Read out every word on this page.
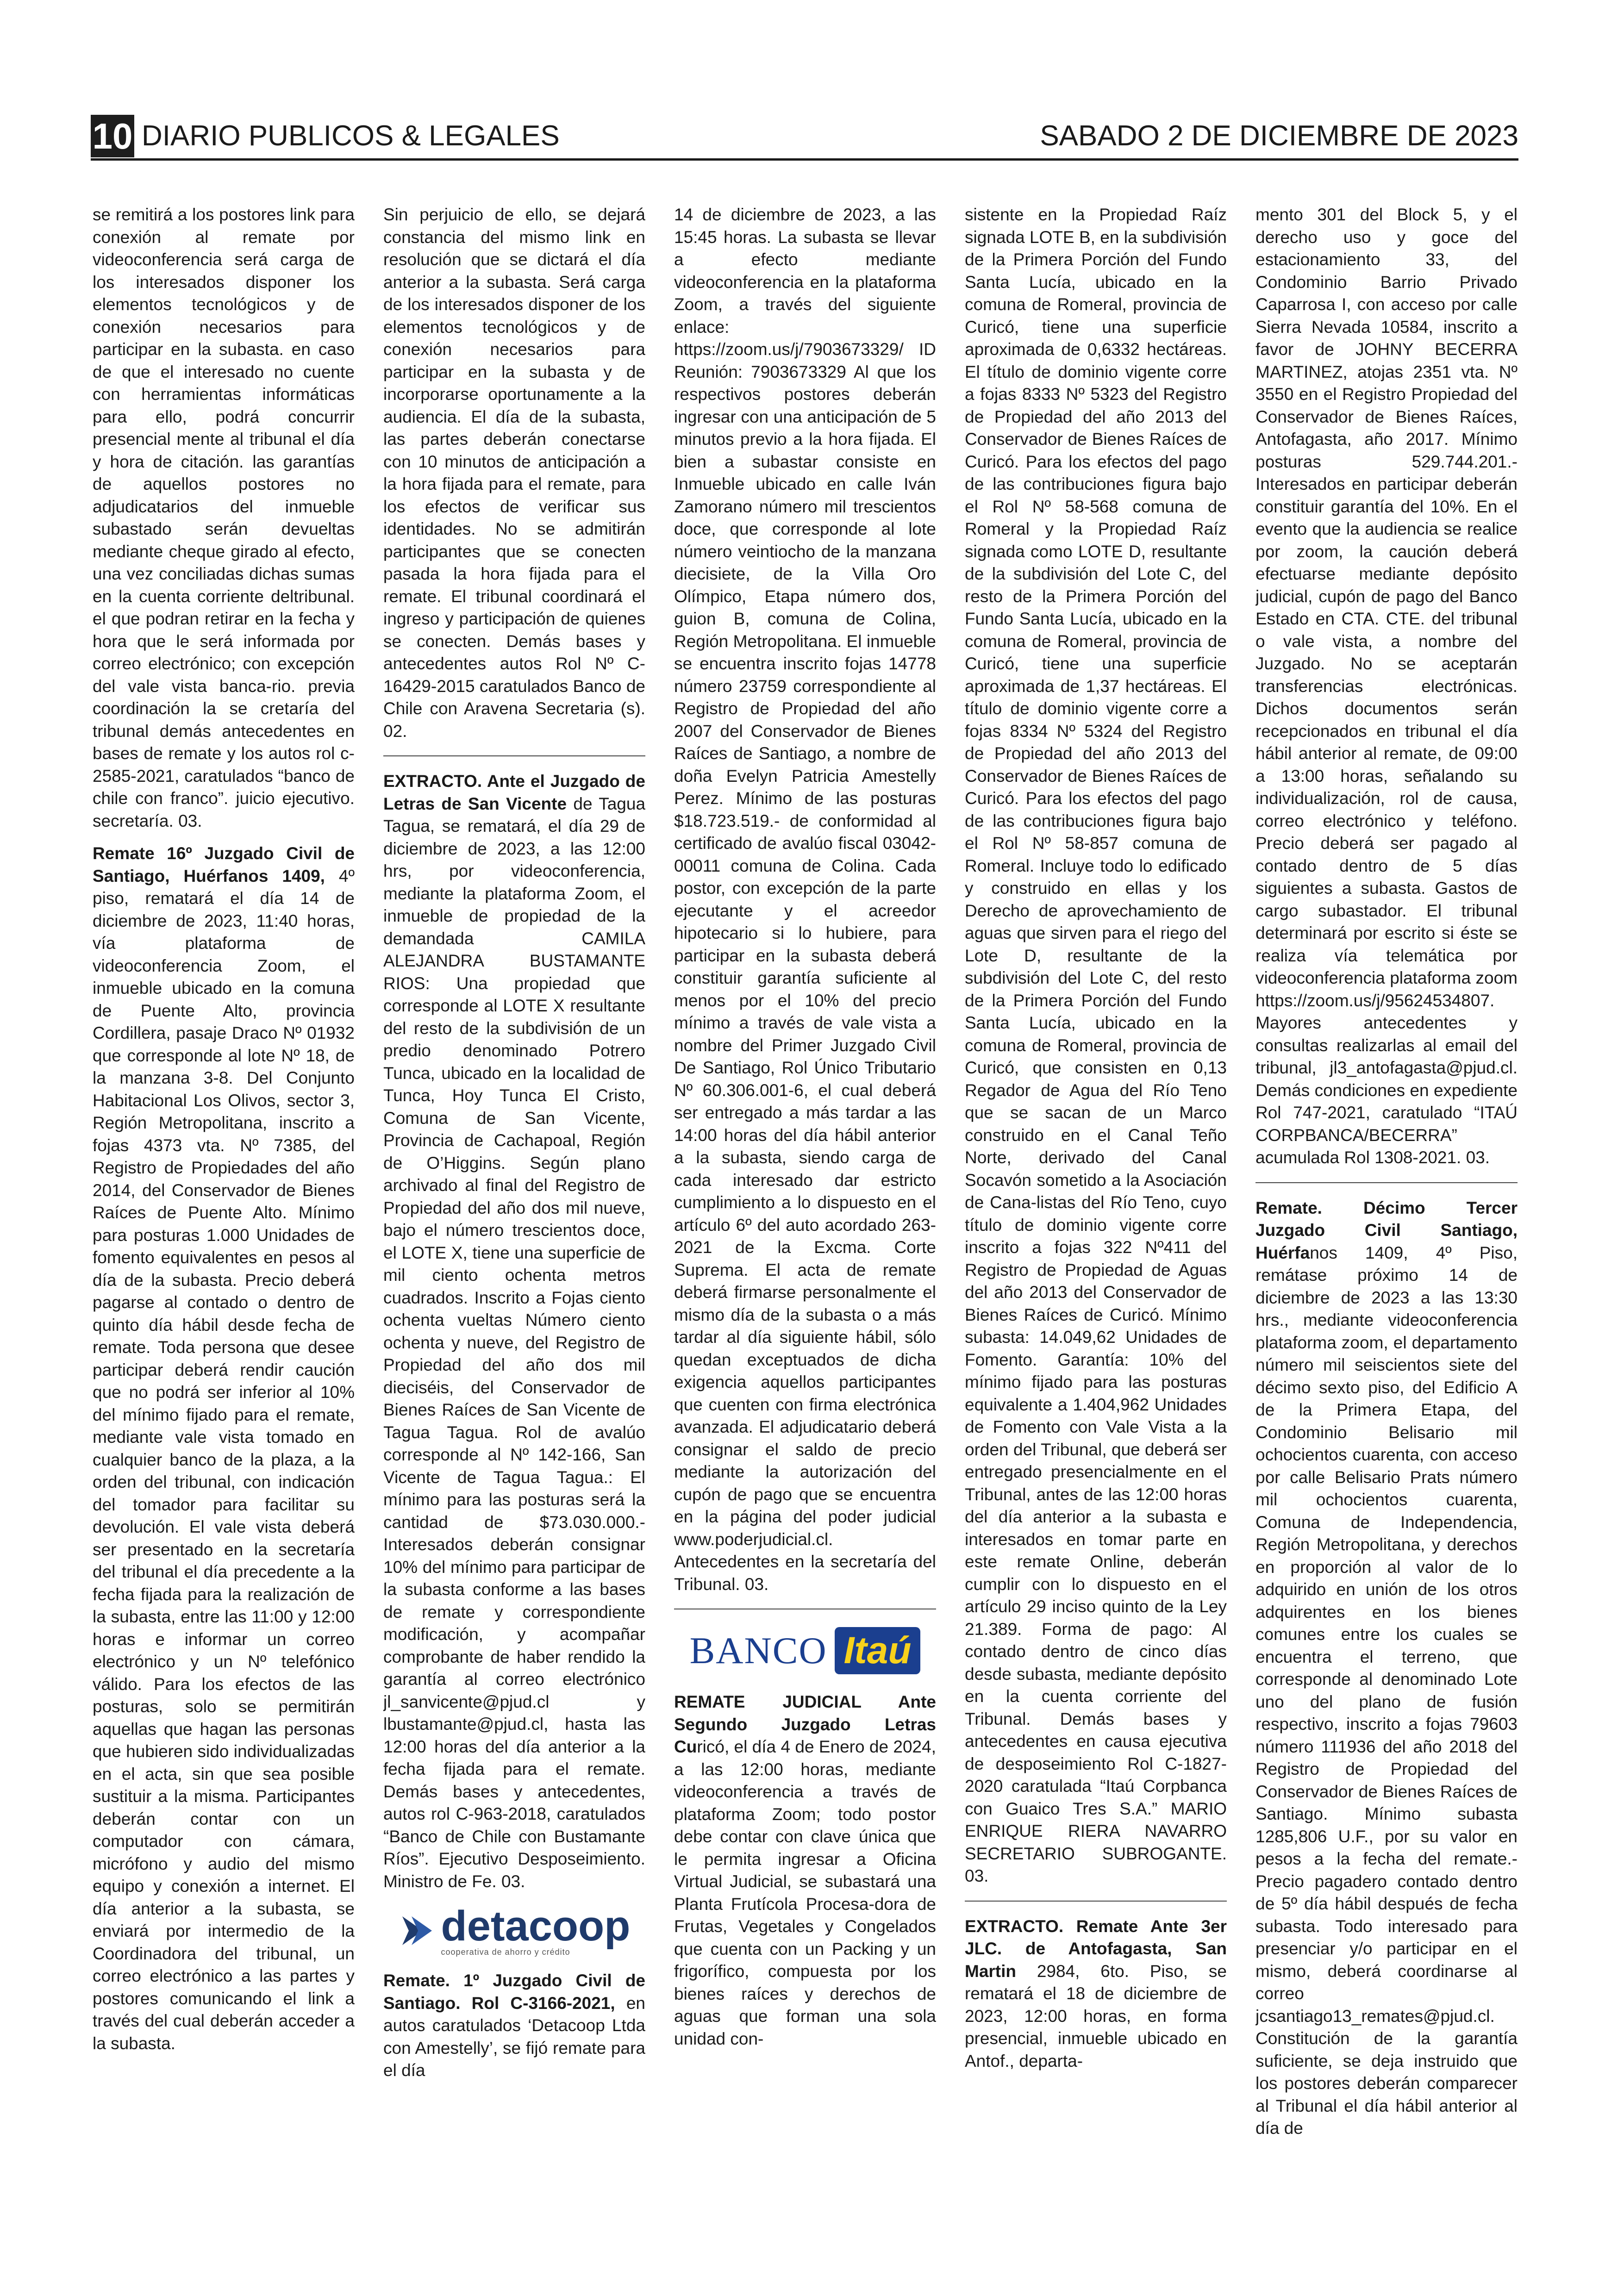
10 DIARIO PUBLICOS & LEGALES	SABADO 2 DE DICIEMBRE DE 2023

se remitirá a los postores link para conexión al remate por videoconferencia será carga de los interesados disponer los elementos tecnológicos y de conexión necesarios para participar en la subasta. en caso de que el interesado no cuente con herramientas informáticas para ello, podrá concurrir presencial mente al tribunal el día y hora de citación. las garantías de aquellos postores no adjudicatarios del inmueble subastado serán devueltas mediante cheque girado al efecto, una vez conciliadas dichas sumas en la cuenta corriente deltribunal. el que podran retirar en la fecha y hora que le será informada por correo electrónico; con excepción del vale vista banca-rio. previa coordinación la se cretaría del tribunal demás antecedentes en bases de remate y los autos rol c-2585-2021, caratulados “banco de chile con franco”. juicio ejecutivo. secretaría. 03.

Remate 16º Juzgado Civil de Santiago, Huérfanos 1409, 4º piso, rematará el día 14 de diciembre de 2023, 11:40 horas, vía plataforma de videoconferencia Zoom, el inmueble ubicado en la comuna de Puente Alto, provincia Cordillera, pasaje Draco Nº 01932 que corresponde al lote Nº 18, de la manzana 3-8. Del Conjunto Habitacional Los Olivos, sector 3, Región Metropolitana, inscrito a fojas 4373 vta. Nº 7385, del Registro de Propiedades del año 2014, del Conservador de Bienes Raíces de Puente Alto. Mínimo para posturas 1.000 Unidades de fomento equivalentes en pesos al día de la subasta. Precio deberá pagarse al contado o dentro de quinto día hábil desde fecha de remate. Toda persona que desee participar deberá rendir caución que no podrá ser inferior al 10% del mínimo fijado para el remate, mediante vale vista tomado en cualquier banco de la plaza, a la orden del tribunal, con indicación del tomador para facilitar su devolución. El vale vista deberá ser presentado en la secretaría del tribunal el día precedente a la fecha fijada para la realización de la subasta, entre las 11:00 y 12:00 horas e informar un correo electrónico y un Nº telefónico válido. Para los efectos de las posturas, solo se permitirán aquellas que hagan las personas que hubieren sido individualizadas en el acta, sin que sea posible sustituir a la misma. Participantes deberán contar con un computador con cámara, micrófono y audio del mismo equipo y conexión a internet. El día anterior a la subasta, se enviará por intermedio de la Coordinadora del tribunal, un correo electrónico a las partes y postores comunicando el link a través del cual deberán acceder a la subasta.

Sin perjuicio de ello, se dejará constancia del mismo link en resolución que se dictará el día anterior a la subasta. Será carga de los interesados disponer de los elementos tecnológicos y de conexión necesarios para participar en la subasta y de incorporarse oportunamente a la audiencia. El día de la subasta, las partes deberán conectarse con 10 minutos de anticipación a la hora fijada para el remate, para los efectos de verificar sus identidades. No se admitirán participantes que se conecten pasada la hora fijada para el remate. El tribunal coordinará el ingreso y participación de quienes se conecten. Demás bases y antecedentes autos Rol Nº C-16429-2015 caratulados Banco de Chile con Aravena Secretaria (s). 02.

EXTRACTO. Ante el Juzgado de Letras de San Vicente de Tagua Tagua, se rematará, el día 29 de diciembre de 2023, a las 12:00 hrs, por videoconferencia, mediante la plataforma Zoom, el inmueble de propiedad de la demandada CAMILA ALEJANDRA BUSTAMANTE RIOS: Una propiedad que corresponde al LOTE X resultante del resto de la subdivisión de un predio denominado Potrero Tunca, ubicado en la localidad de Tunca, Hoy Tunca El Cristo, Comuna de San Vicente, Provincia de Cachapoal, Región de O’Higgins. Según plano archivado al final del Registro de Propiedad del año dos mil nueve, bajo el número trescientos doce, el LOTE X, tiene una superficie de mil ciento ochenta metros cuadrados. Inscrito a Fojas ciento ochenta vueltas Número ciento ochenta y nueve, del Registro de Propiedad del año dos mil dieciséis, del Conservador de Bienes Raíces de San Vicente de Tagua Tagua. Rol de avalúo corresponde al Nº 142-166, San Vicente de Tagua Tagua.: El mínimo para las posturas será la cantidad de $73.030.000.- Interesados deberán consignar 10% del mínimo para participar de la subasta conforme a las bases de remate y correspondiente modificación, y acompañar comprobante de haber rendido la garantía al correo electrónico jl_sanvicente@pjud.cl y lbustamante@pjud.cl, hasta las 12:00 horas del día anterior a la fecha fijada para el remate. Demás bases y antecedentes, autos rol C-963-2018, caratulados “Banco de Chile con Bustamante Ríos”. Ejecutivo Desposeimiento. Ministro de Fe. 03.

detacoop
cooperativa de ahorro y crédito

Remate. 1º Juzgado Civil de Santiago. Rol C-3166-2021, en autos caratulados ‘Detacoop Ltda con Amestelly’, se fijó remate para el día

14 de diciembre de 2023, a las 15:45 horas. La subasta se llevar a efecto mediante videoconferencia en la plataforma Zoom, a través del siguiente enlace: https://zoom.us/j/7903673329/ ID Reunión: 7903673329 Al que los respectivos postores deberán ingresar con una anticipación de 5 minutos previo a la hora fijada. El bien a subastar consiste en Inmueble ubicado en calle Iván Zamorano número mil trescientos doce, que corresponde al lote número veintiocho de la manzana diecisiete, de la Villa Oro Olímpico, Etapa número dos, guion B, comuna de Colina, Región Metropolitana. El inmueble se encuentra inscrito fojas 14778 número 23759 correspondiente al Registro de Propiedad del año 2007 del Conservador de Bienes Raíces de Santiago, a nombre de doña Evelyn Patricia Amestelly Perez. Mínimo de las posturas $18.723.519.- de conformidad al certificado de avalúo fiscal 03042- 00011 comuna de Colina. Cada postor, con excepción de la parte ejecutante y el acreedor hipotecario si lo hubiere, para participar en la subasta deberá constituir garantía suficiente al menos por el 10% del precio mínimo a través de vale vista a nombre del Primer Juzgado Civil De Santiago, Rol Único Tributario Nº 60.306.001-6, el cual deberá ser entregado a más tardar a las 14:00 horas del día hábil anterior a la subasta, siendo carga de cada interesado dar estricto cumplimiento a lo dispuesto en el artículo 6º del auto acordado 263-2021 de la Excma. Corte Suprema. El acta de remate deberá firmarse personalmente el mismo día de la subasta o a más tardar al día siguiente hábil, sólo quedan exceptuados de dicha exigencia aquellos participantes que cuenten con firma electrónica avanzada. El adjudicatario deberá consignar el saldo de precio mediante la autorización del cupón de pago que se encuentra en la página del poder judicial www.poderjudicial.cl. Antecedentes en la secretaría del Tribunal. 03.

BANCO Itaú

REMATE JUDICIAL Ante Segundo Juzgado Letras Curicó, el día 4 de Enero de 2024, a las 12:00 horas, mediante videoconferencia a través de plataforma Zoom; todo postor debe contar con clave única que le permita ingresar a Oficina Virtual Judicial, se subastará una Planta Frutícola Procesa-dora de Frutas, Vegetales y Congelados que cuenta con un Packing y un frigorífico, compuesta por los bienes raíces y derechos de aguas que forman una sola unidad con-

sistente en la Propiedad Raíz signada LOTE B, en la subdivisión de la Primera Porción del Fundo Santa Lucía, ubicado en la comuna de Romeral, provincia de Curicó, tiene una superficie aproximada de 0,6332 hectáreas. El título de dominio vigente corre a fojas 8333 Nº 5323 del Registro de Propiedad del año 2013 del Conservador de Bienes Raíces de Curicó. Para los efectos del pago de las contribuciones figura bajo el Rol Nº 58-568 comuna de Romeral y la Propiedad Raíz signada como LOTE D, resultante de la subdivisión del Lote C, del resto de la Primera Porción del Fundo Santa Lucía, ubicado en la comuna de Romeral, provincia de Curicó, tiene una superficie aproximada de 1,37 hectáreas. El título de dominio vigente corre a fojas 8334 Nº 5324 del Registro de Propiedad del año 2013 del Conservador de Bienes Raíces de Curicó. Para los efectos del pago de las contribuciones figura bajo el Rol Nº 58-857 comuna de Romeral. Incluye todo lo edificado y construido en ellas y los Derecho de aprovechamiento de aguas que sirven para el riego del Lote D, resultante de la subdivisión del Lote C, del resto de la Primera Porción del Fundo Santa Lucía, ubicado en la comuna de Romeral, provincia de Curicó, que consisten en 0,13 Regador de Agua del Río Teno que se sacan de un Marco construido en el Canal Teño Norte, derivado del Canal Socavón sometido a la Asociación de Cana-listas del Río Teno, cuyo título de dominio vigente corre inscrito a fojas 322 Nº411 del Registro de Propiedad de Aguas del año 2013 del Conservador de Bienes Raíces de Curicó. Mínimo subasta: 14.049,62 Unidades de Fomento. Garantía: 10% del mínimo fijado para las posturas equivalente a 1.404,962 Unidades de Fomento con Vale Vista a la orden del Tribunal, que deberá ser entregado presencialmente en el Tribunal, antes de las 12:00 horas del día anterior a la subasta e interesados en tomar parte en este remate Online, deberán cumplir con lo dispuesto en el artículo 29 inciso quinto de la Ley 21.389. Forma de pago: Al contado dentro de cinco días desde subasta, mediante depósito en la cuenta corriente del Tribunal. Demás bases y antecedentes en causa ejecutiva de desposeimiento Rol C-1827-2020 caratulada “Itaú Corpbanca con Guaico Tres S.A.” MARIO ENRIQUE RIERA NAVARRO SECRETARIO SUBROGANTE. 03.

EXTRACTO. Remate Ante 3er JLC. de Antofagasta, San Martin 2984, 6to. Piso, se rematará el 18 de diciembre de 2023, 12:00 horas, en forma presencial, inmueble ubicado en Antof., departa-

mento 301 del Block 5, y el derecho uso y goce del estacionamiento 33, del Condominio Barrio Privado Caparrosa I, con acceso por calle Sierra Nevada 10584, inscrito a favor de JOHNY BECERRA MARTINEZ, atojas 2351 vta. Nº 3550 en el Registro Propiedad del Conservador de Bienes Raíces, Antofagasta, año 2017. Mínimo posturas 529.744.201.- Interesados en participar deberán constituir garantía del 10%. En el evento que la audiencia se realice por zoom, la caución deberá efectuarse mediante depósito judicial, cupón de pago del Banco Estado en CTA. CTE. del tribunal o vale vista, a nombre del Juzgado. No se aceptarán transferencias electrónicas. Dichos documentos serán recepcionados en tribunal el día hábil anterior al remate, de 09:00 a 13:00 horas, señalando su individualización, rol de causa, correo electrónico y teléfono. Precio deberá ser pagado al contado dentro de 5 días siguientes a subasta. Gastos de cargo subastador. El tribunal determinará por escrito si éste se realiza vía telemática por videoconferencia plataforma zoom https://zoom.us/j/95624534807. Mayores antecedentes y consultas realizarlas al email del tribunal, jl3_antofagasta@pjud.cl. Demás condiciones en expediente Rol 747-2021, caratulado “ITAÚ CORPBANCA/BECERRA” acumulada Rol 1308-2021. 03.

Remate. Décimo Tercer Juzgado Civil Santiago, Huérfanos 1409, 4º Piso, remátase próximo 14 de diciembre de 2023 a las 13:30 hrs., mediante videoconferencia plataforma zoom, el departamento número mil seiscientos siete del décimo sexto piso, del Edificio A de la Primera Etapa, del Condominio Belisario mil ochocientos cuarenta, con acceso por calle Belisario Prats número mil ochocientos cuarenta, Comuna de Independencia, Región Metropolitana, y derechos en proporción al valor de lo adquirido en unión de los otros adquirentes en los bienes comunes entre los cuales se encuentra el terreno, que corresponde al denominado Lote uno del plano de fusión respectivo, inscrito a fojas 79603 número 111936 del año 2018 del Registro de Propiedad del Conservador de Bienes Raíces de Santiago. Mínimo subasta 1285,806 U.F., por su valor en pesos a la fecha del remate.- Precio pagadero contado dentro de 5º día hábil después de fecha subasta. Todo interesado para presenciar y/o participar en el mismo, deberá coordinarse al correo jcsantiago13_remates@pjud.cl. Constitución de la garantía suficiente, se deja instruido que los postores deberán comparecer al Tribunal el día hábil anterior al día de
